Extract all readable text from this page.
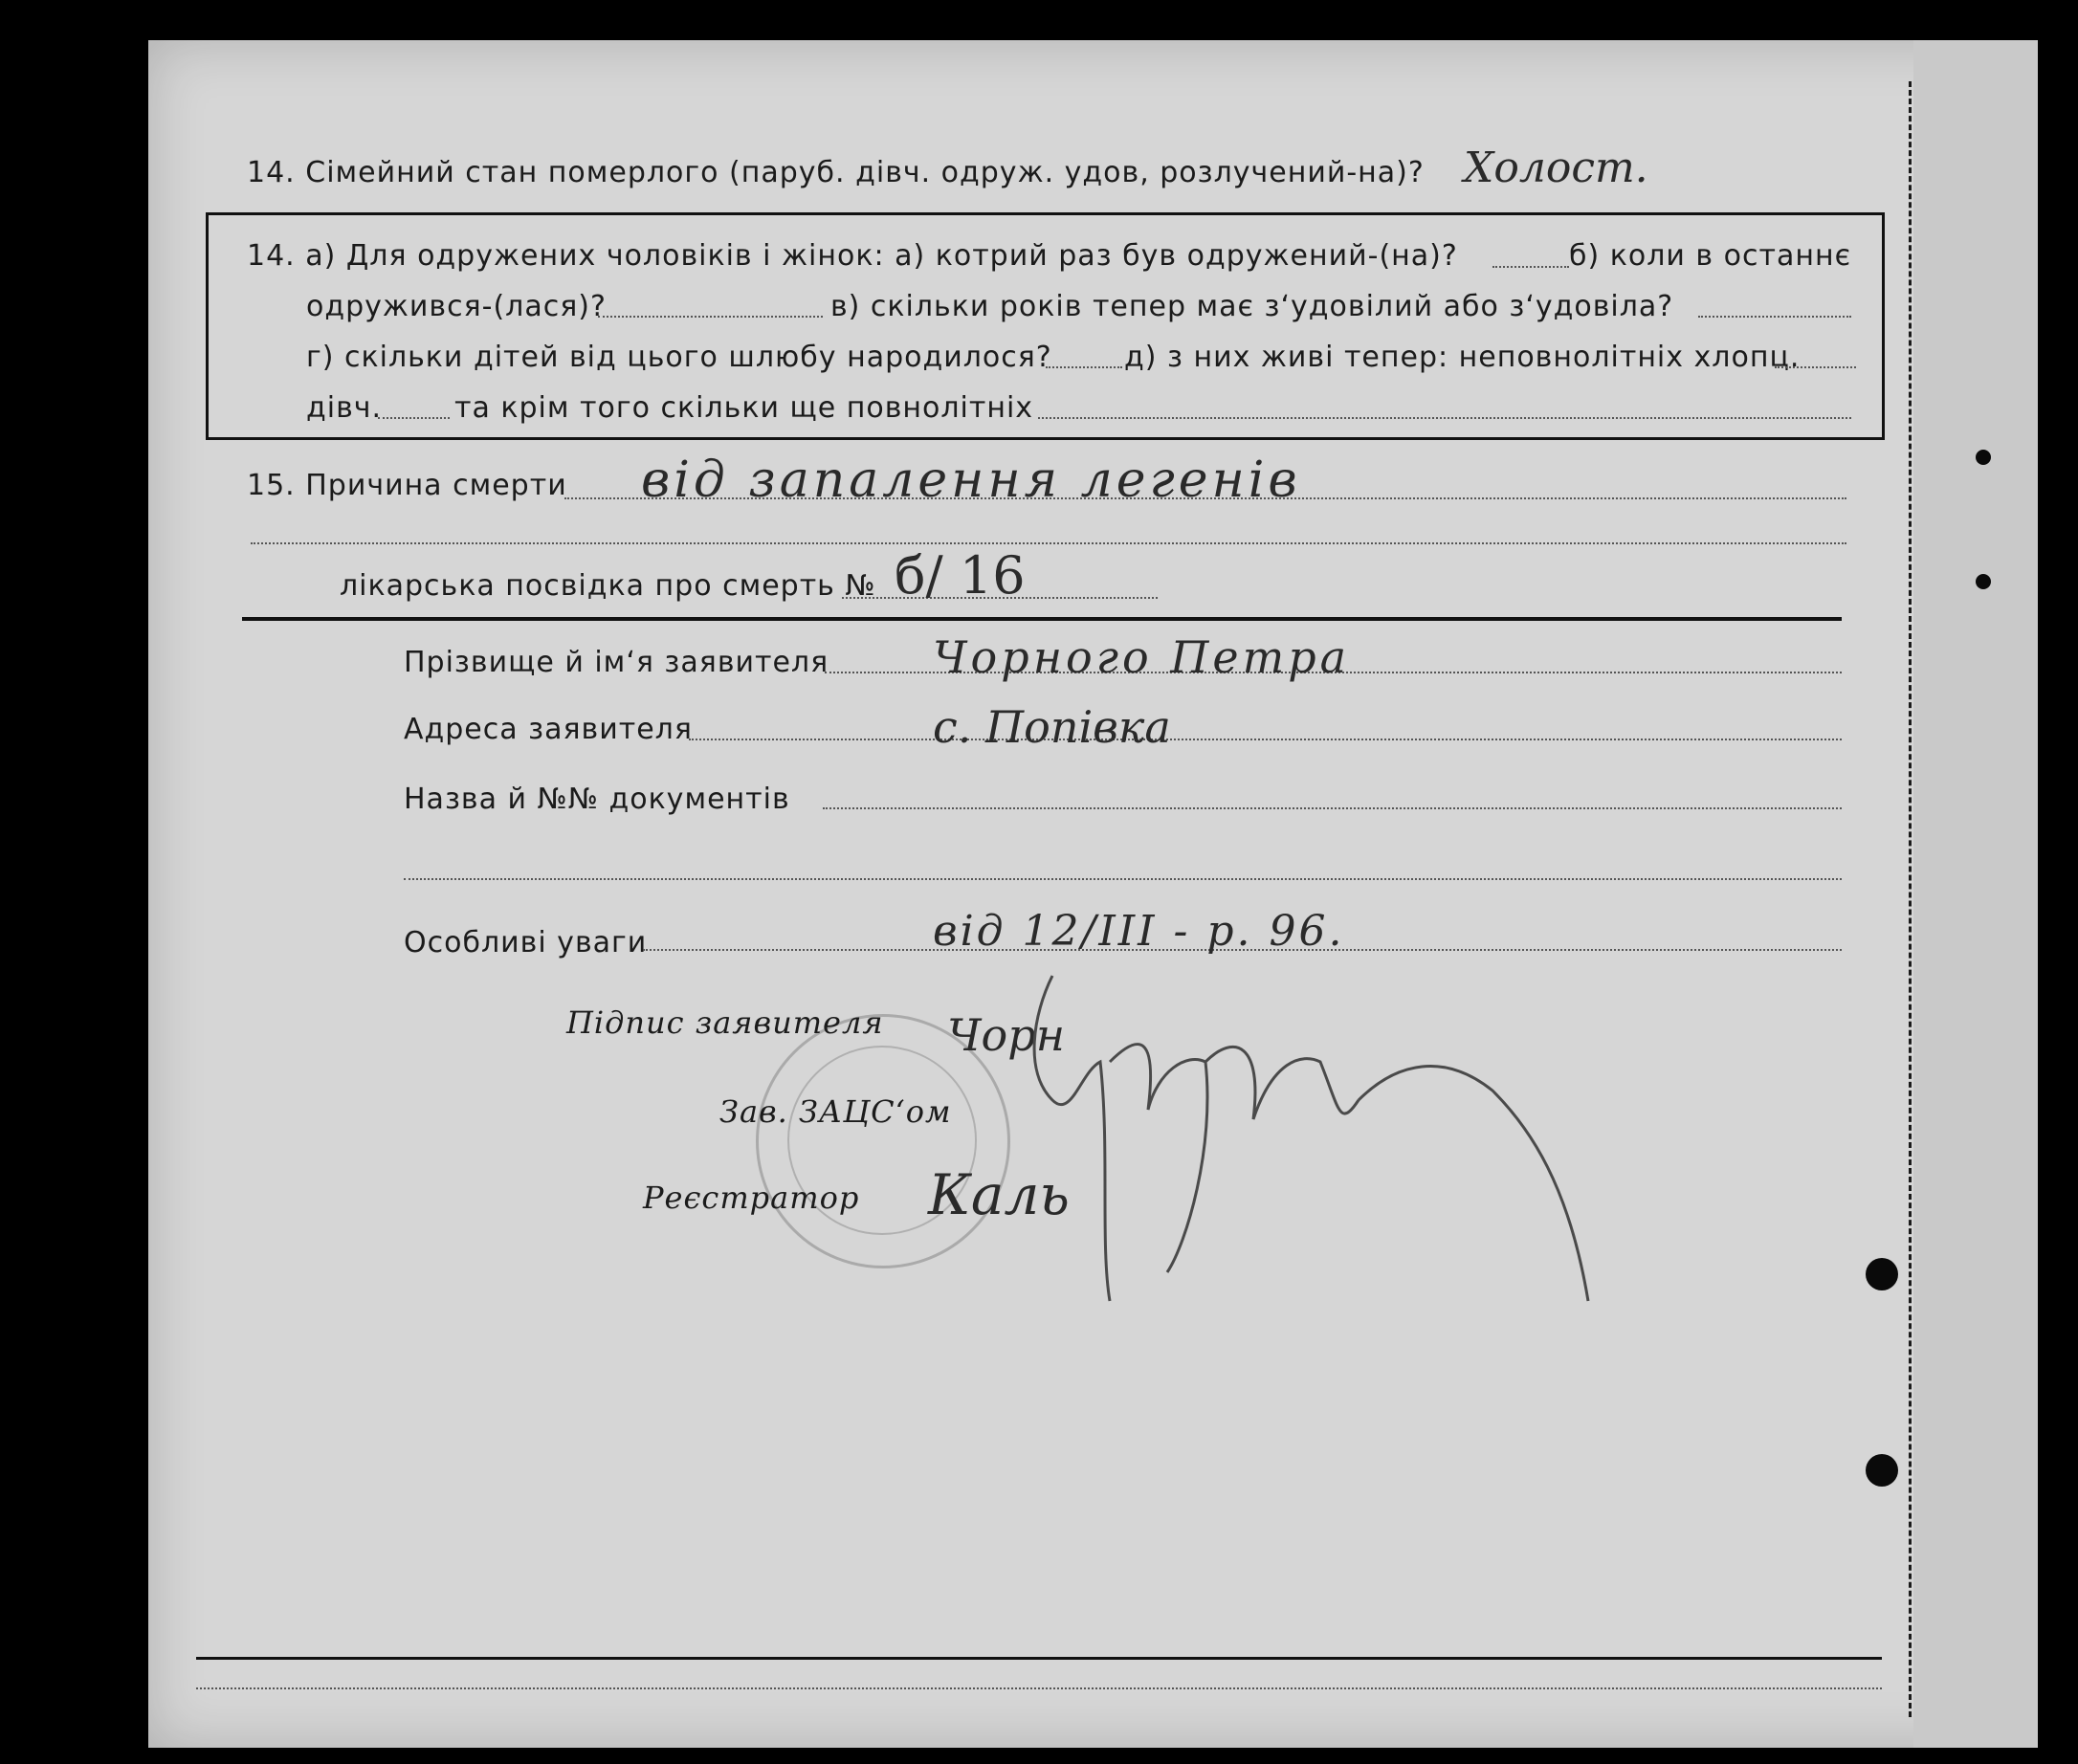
14. Сімейний стан померлого (паруб. дівч. одруж. удов, розлучений-на)? Холост.
14. а) Для одружених чоловіків і жінок: а) котрий раз був одружений-(на)?	б) коли в останнє
одружився-(лася)?	в) скільки років тепер має з‘удовілий або з‘удовіла?
г) скільки дітей від цього шлюбу народилося?	д) з них живі тепер: неповнолітніх хлопц.
дівч.	та крім того скільки ще повнолітніх
15. Причина смерти від запалення легенів
лікарська посвідка про смерть № б/ 16
Прізвище й ім‘я заявителя Чорного Петра
Адреса заявителя	с. Попівка
Назва й №№ документів
Особливі уваги	від 12/III - р. 96.
Підпис заявителя Чорн
Зав. ЗАЦС‘ом
Реєстратор Каль
